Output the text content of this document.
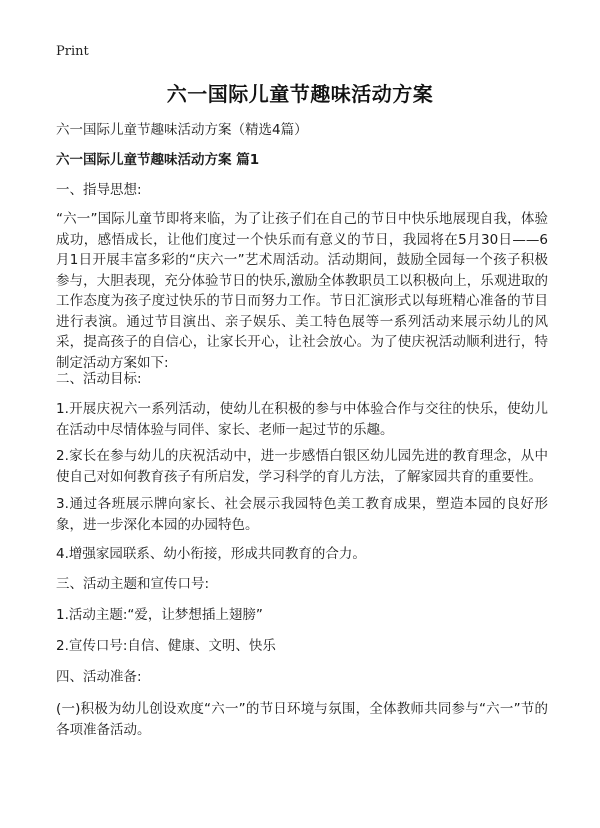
Print
六一国际儿童节趣味活动方案
六一国际儿童节趣味活动方案（精选4篇）
六一国际儿童节趣味活动方案 篇1
一、指导思想:
“六一”国际儿童节即将来临，为了让孩子们在自己的节日中快乐地展现自我，体验成功，感悟成长，让他们度过一个快乐而有意义的节日，我园将在5月30日——6月1日开展丰富多彩的“庆六一”艺术周活动。活动期间，鼓励全园每一个孩子积极参与，大胆表现，充分体验节日的快乐,激励全体教职员工以积极向上，乐观进取的工作态度为孩子度过快乐的节日而努力工作。节日汇演形式以每班精心准备的节目进行表演。通过节目演出、亲子娱乐、美工特色展等一系列活动来展示幼儿的风采，提高孩子的自信心，让家长开心，让社会放心。为了使庆祝活动顺利进行，特制定活动方案如下:
二、活动目标:
1.开展庆祝六一系列活动，使幼儿在积极的参与中体验合作与交往的快乐，使幼儿在活动中尽情体验与同伴、家长、老师一起过节的乐趣。
2.家长在参与幼儿的庆祝活动中，进一步感悟白银区幼儿园先进的教育理念，从中使自己对如何教育孩子有所启发，学习科学的育儿方法，了解家园共育的重要性。
3.通过各班展示牌向家长、社会展示我园特色美工教育成果，塑造本园的良好形象，进一步深化本园的办园特色。
4.增强家园联系、幼小衔接，形成共同教育的合力。
三、活动主题和宣传口号:
1.活动主题:“爱，让梦想插上翅膀”
2.宣传口号:自信、健康、文明、快乐
四、活动准备:
(一)积极为幼儿创设欢度“六一”的节日环境与氛围，全体教师共同参与“六一”节的各项准备活动。
